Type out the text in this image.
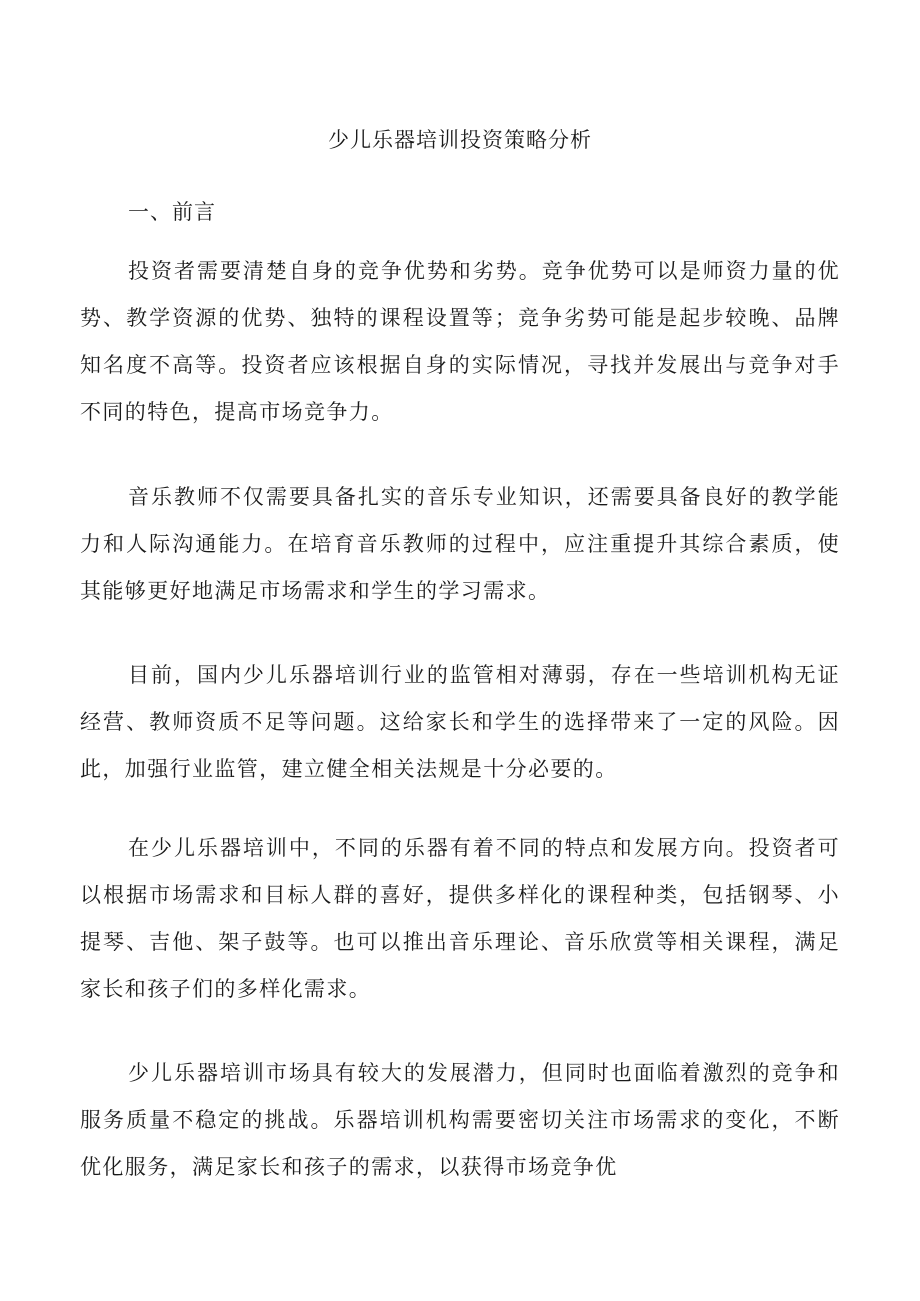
少儿乐器培训投资策略分析
一、前言

投资者需要清楚自身的竞争优势和劣势。竞争优势可以是师资力量的优势、教学资源的优势、独特的课程设置等；竞争劣势可能是起步较晚、品牌知名度不高等。投资者应该根据自身的实际情况，寻找并发展出与竞争对手不同的特色，提高市场竞争力。

音乐教师不仅需要具备扎实的音乐专业知识，还需要具备良好的教学能力和人际沟通能力。在培育音乐教师的过程中，应注重提升其综合素质，使其能够更好地满足市场需求和学生的学习需求。

目前，国内少儿乐器培训行业的监管相对薄弱，存在一些培训机构无证经营、教师资质不足等问题。这给家长和学生的选择带来了一定的风险。因此，加强行业监管，建立健全相关法规是十分必要的。

在少儿乐器培训中，不同的乐器有着不同的特点和发展方向。投资者可以根据市场需求和目标人群的喜好，提供多样化的课程种类，包括钢琴、小提琴、吉他、架子鼓等。也可以推出音乐理论、音乐欣赏等相关课程，满足家长和孩子们的多样化需求。

少儿乐器培训市场具有较大的发展潜力，但同时也面临着激烈的竞争和服务质量不稳定的挑战。乐器培训机构需要密切关注市场需求的变化，不断优化服务，满足家长和孩子的需求，以获得市场竞争优
